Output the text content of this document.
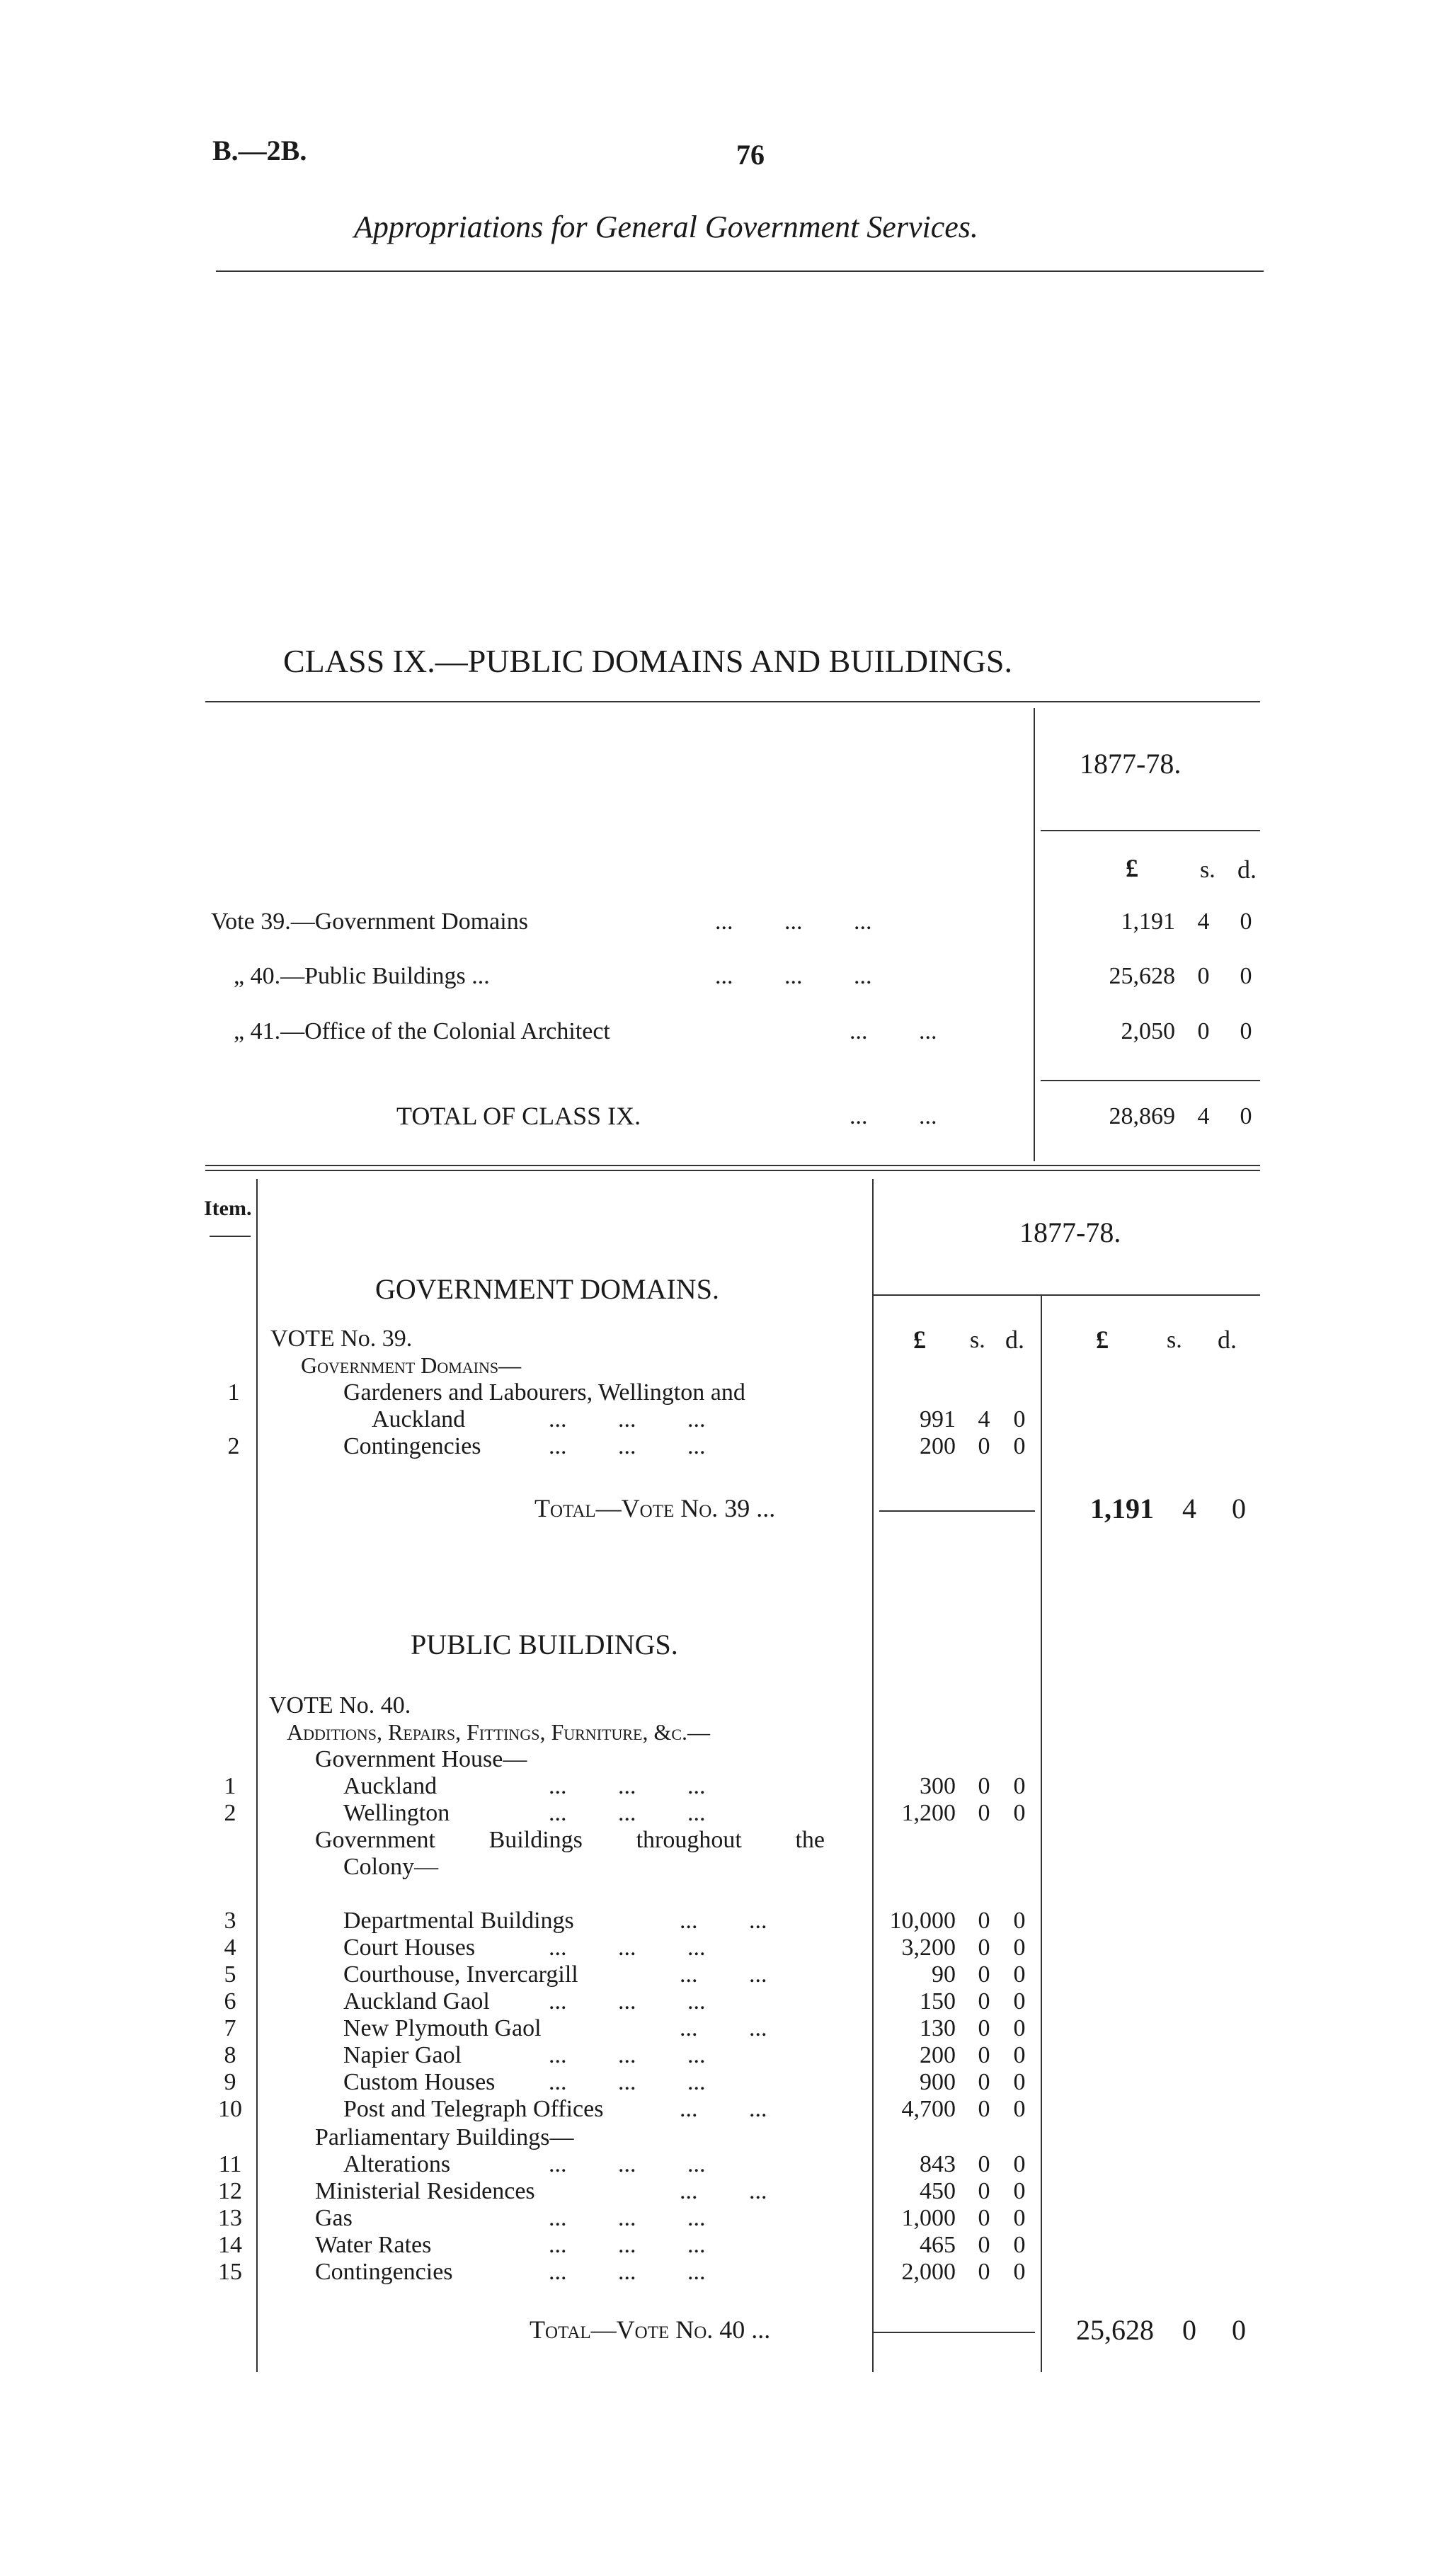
B.—2B.	76
Appropriations for General Government Services.
CLASS IX.—PUBLIC DOMAINS AND BUILDINGS.
1877-78.
£	s. d.
Vote 39.—Government Domains	... ... ...	1,191 4 0
„ 40.—Public Buildings ...	... ... ...	25,628 0 0
„ 41.—Office of the Colonial Architect	... ...	2,050 0 0
TOTAL OF CLASS IX.	... ...	28,869 4 0
Item.
1877-78.
GOVERNMENT DOMAINS.
£ s. d.	£ s. d.
VOTE No. 39.
Government Domains—
1	Gardeners and Labourers, Wellington and
Auckland	... ... ...	991 4 0
2	Contingencies	... ... ...	200 0 0
Total—Vote No. 39 ...	1,191 4 0
PUBLIC BUILDINGS.
VOTE No. 40.
Additions, Repairs, Fittings, Furniture, &c.—
Government House—
1	Auckland	... ... ...	300 0 0
2	Wellington	... ... ...	1,200 0 0
3	Departmental Buildings	... ...	10,000 0 0
4	Court Houses	... ... ...	3,200 0 0
5	Courthouse, Invercargill	... ...	90 0 0
6	Auckland Gaol ... ... ...	150 0 0
7	New Plymouth Gaol	... ...	130 0 0
8	Napier Gaol	... ... ...	200 0 0
9	Custom Houses ... ... ...	900 0 0
10	Post and Telegraph Offices	... ...	4,700 0 0
11	Alterations	... ... ...	843 0 0
12	Ministerial Residences	... ...	450 0 0
13	Gas	... ... ...	1,000 0 0
14	Water Rates	... ... ...	465 0 0
15	Contingencies	... ... ...	2,000 0 0
Government Buildings throughout the
Colony—
Parliamentary Buildings—
Total—Vote No. 40 ...	25,628 0 0
